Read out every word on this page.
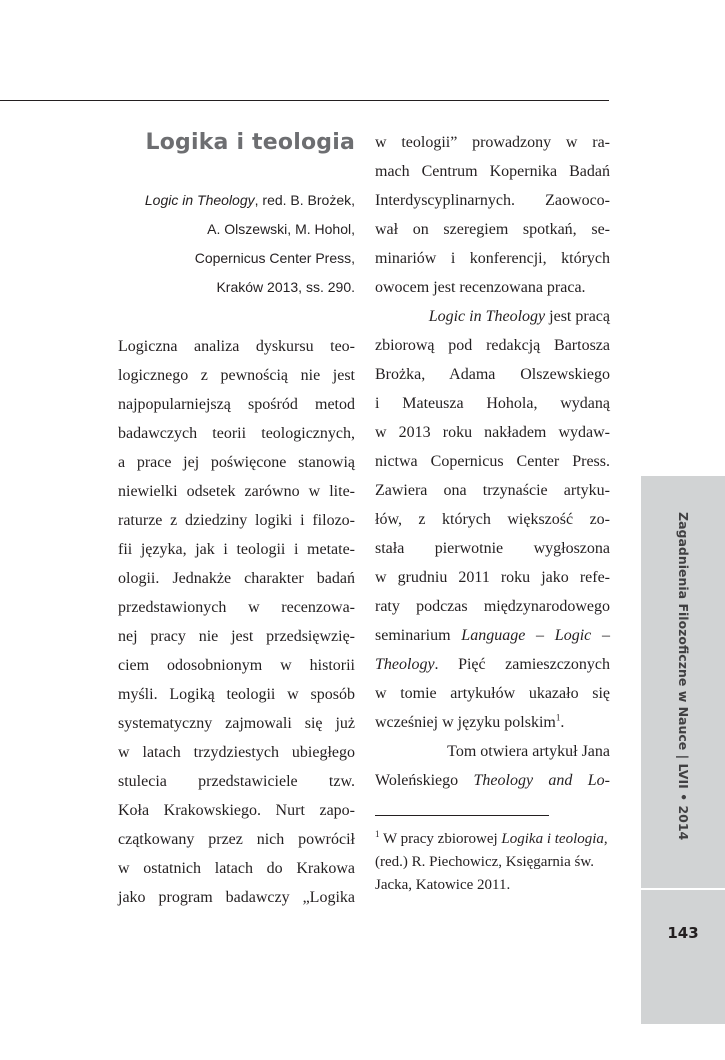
Logika i teologia
Logic in Theology, red. B. Brożek,
A. Olszewski, M. Hohol,
Copernicus Center Press,
Kraków 2013, ss. 290.
Logiczna analiza dyskursu teo-
logicznego z pewnością nie jest
najpopularniejszą spośród metod
badawczych teorii teologicznych,
a prace jej poświęcone stanowią
niewielki odsetek zarówno w lite-
raturze z dziedziny logiki i filozo-
fii języka, jak i teologii i metate-
ologii. Jednakże charakter badań
przedstawionych w recenzowa-
nej pracy nie jest przedsięwzię-
ciem odosobnionym w historii
myśli. Logiką teologii w sposób
systematyczny zajmowali się już
w latach trzydziestych ubiegłego
stulecia przedstawiciele tzw.
Koła Krakowskiego. Nurt zapo-
czątkowany przez nich powrócił
w ostatnich latach do Krakowa
jako program badawczy „Logika
w teologii” prowadzony w ra-
mach Centrum Kopernika Badań
Interdyscyplinarnych. Zaowoco-
wał on szeregiem spotkań, se-
minariów i konferencji, których
owocem jest recenzowana praca.
Logic in Theology jest pracą
zbiorową pod redakcją Bartosza
Brożka, Adama Olszewskiego
i Mateusza Hohola, wydaną
w 2013 roku nakładem wydaw-
nictwa Copernicus Center Press.
Zawiera ona trzynaście artyku-
łów, z których większość zo-
stała pierwotnie wygłoszona
w grudniu 2011 roku jako refe-
raty podczas międzynarodowego
seminarium Language – Logic –
Theology. Pięć zamieszczonych
w tomie artykułów ukazało się
wcześniej w języku polskim$^1$.
Tom otwiera artykuł Jana
Woleńskiego Theology and Lo-
$^1$ W pracy zbiorowej Logika i teologia, (red.) R. Piechowicz, Księgarnia św. Jacka, Katowice 2011.
Zagadnienia Filozoficzne w Nauce | LVII • 2014
143
